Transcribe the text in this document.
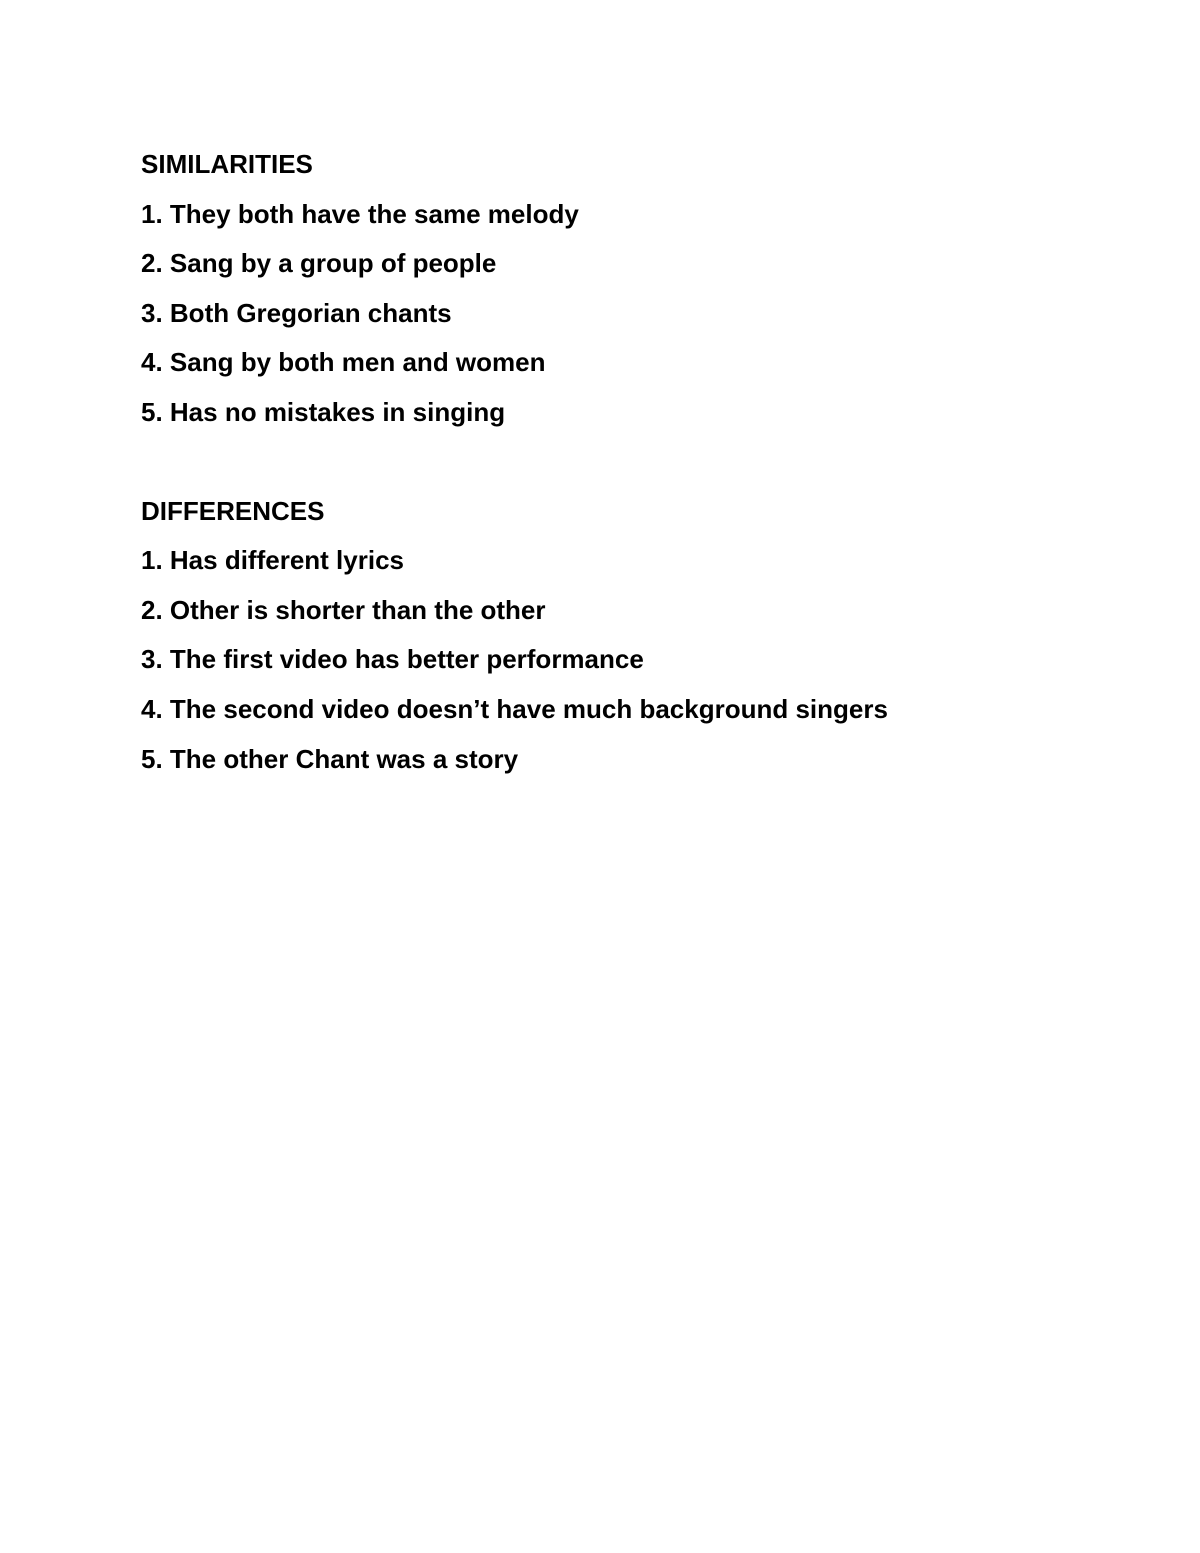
SIMILARITIES
1. They both have the same melody
2. Sang by a group of people
3. Both Gregorian chants
4. Sang by both men and women
5. Has no mistakes in singing
DIFFERENCES
1. Has different lyrics
2. Other is shorter than the other
3. The first video has better performance
4. The second video doesn’t have much background singers
5. The other Chant was a story
